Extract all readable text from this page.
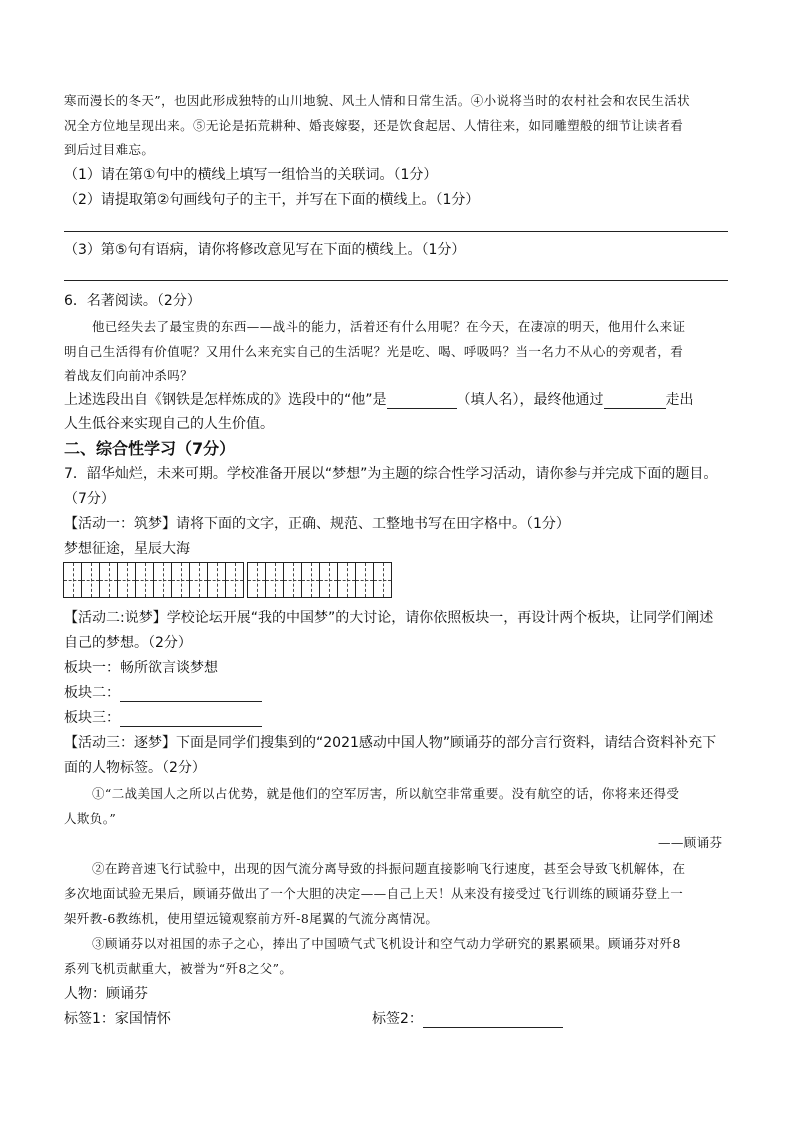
寒而漫长的冬天”，也因此形成独特的山川地貌、风土人情和日常生活。④小说将当时的农村社会和农民生活状
况全方位地呈现出来。⑤无论是拓荒耕种、婚丧嫁娶，还是饮食起居、人情往来，如同雕塑般的细节让读者看
到后过目难忘。
（1）请在第①句中的横线上填写一组恰当的关联词。（1分）
（2）请提取第②句画线句子的主干，并写在下面的横线上。（1分）
（3）第⑤句有语病，请你将修改意见写在下面的横线上。（1分）
6．名著阅读。（2分）
他已经失去了最宝贵的东西——战斗的能力，活着还有什么用呢？在今天，在凄凉的明天，他用什么来证
明自己生活得有价值呢？又用什么来充实自己的生活呢？光是吃、喝、呼吸吗？当一名力不从心的旁观者，看
着战友们向前冲杀吗？
上述选段出自《钢铁是怎样炼成的》选段中的“他”是	（填人名），最终他通过	走出
人生低谷来实现自己的人生价值。
二、综合性学习（7分）
7．韶华灿烂，未来可期。学校准备开展以“梦想”为主题的综合性学习活动，请你参与并完成下面的题目。
（7分）
【活动一：筑梦】请将下面的文字，正确、规范、工整地书写在田字格中。（1分）
梦想征途，星辰大海
【活动二:说梦】学校论坛开展“我的中国梦”的大讨论，请你依照板块一，再设计两个板块，让同学们阐述
自己的梦想。（2分）
板块一：畅所欲言谈梦想
板块二：
板块三：
【活动三：逐梦】下面是同学们搜集到的“2021感动中国人物”顾诵芬的部分言行资料，请结合资料补充下
面的人物标签。（2分）
①“二战美国人之所以占优势，就是他们的空军厉害，所以航空非常重要。没有航空的话，你将来还得受
人欺负。”
——顾诵芬
②在跨音速飞行试验中，出现的因气流分离导致的抖振问题直接影响飞行速度，甚至会导致飞机解体，在
多次地面试验无果后，顾诵芬做出了一个大胆的决定——自己上天！从来没有接受过飞行训练的顾诵芬登上一
架歼教-6教练机，使用望远镜观察前方歼-8尾翼的气流分离情况。
③顾诵芬以对祖国的赤子之心，捧出了中国喷气式飞机设计和空气动力学研究的累累硕果。顾诵芬对歼8
系列飞机贡献重大，被誉为“歼8之父”。
人物：顾诵芬
标签1：家国情怀	标签2：
